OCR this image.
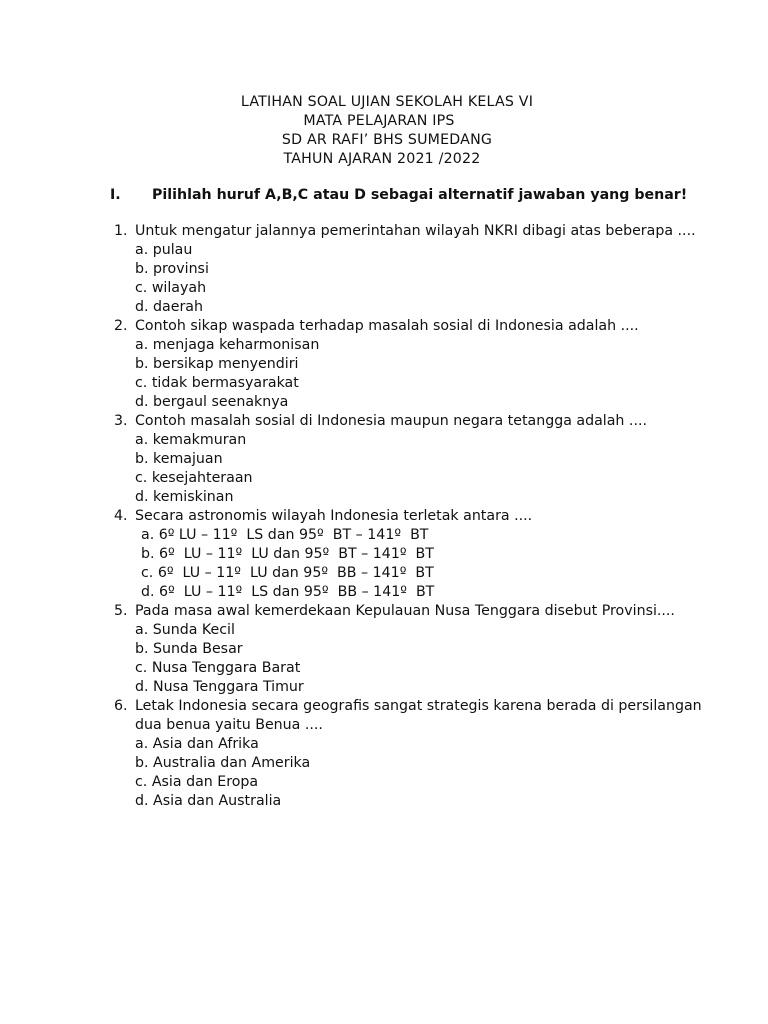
LATIHAN SOAL UJIAN SEKOLAH KELAS VI
MATA PELAJARAN IPS
SD AR RAFI’ BHS SUMEDANG
TAHUN AJARAN 2021 /2022
I. Pilihlah huruf A,B,C atau D sebagai alternatif jawaban yang benar!
1. Untuk mengatur jalannya pemerintahan wilayah NKRI dibagi atas beberapa ....
a. pulau
b. provinsi
c. wilayah
d. daerah
2. Contoh sikap waspada terhadap masalah sosial di Indonesia adalah ....
a. menjaga keharmonisan
b. bersikap menyendiri
c. tidak bermasyarakat
d. bergaul seenaknya
3. Contoh masalah sosial di Indonesia maupun negara tetangga adalah ....
a. kemakmuran
b. kemajuan
c. kesejahteraan
d. kemiskinan
4. Secara astronomis wilayah Indonesia terletak antara ....
a. 6º LU – 11º  LS dan 95º  BT – 141º  BT
b. 6º  LU – 11º  LU dan 95º  BT – 141º  BT
c. 6º  LU – 11º  LU dan 95º  BB – 141º  BT
d. 6º  LU – 11º  LS dan 95º  BB – 141º  BT
5. Pada masa awal kemerdekaan Kepulauan Nusa Tenggara disebut Provinsi....
a. Sunda Kecil
b. Sunda Besar
c. Nusa Tenggara Barat
d. Nusa Tenggara Timur
6. Letak Indonesia secara geografis sangat strategis karena berada di persilangan dua benua yaitu Benua ....
a. Asia dan Afrika
b. Australia dan Amerika
c. Asia dan Eropa
d. Asia dan Australia
